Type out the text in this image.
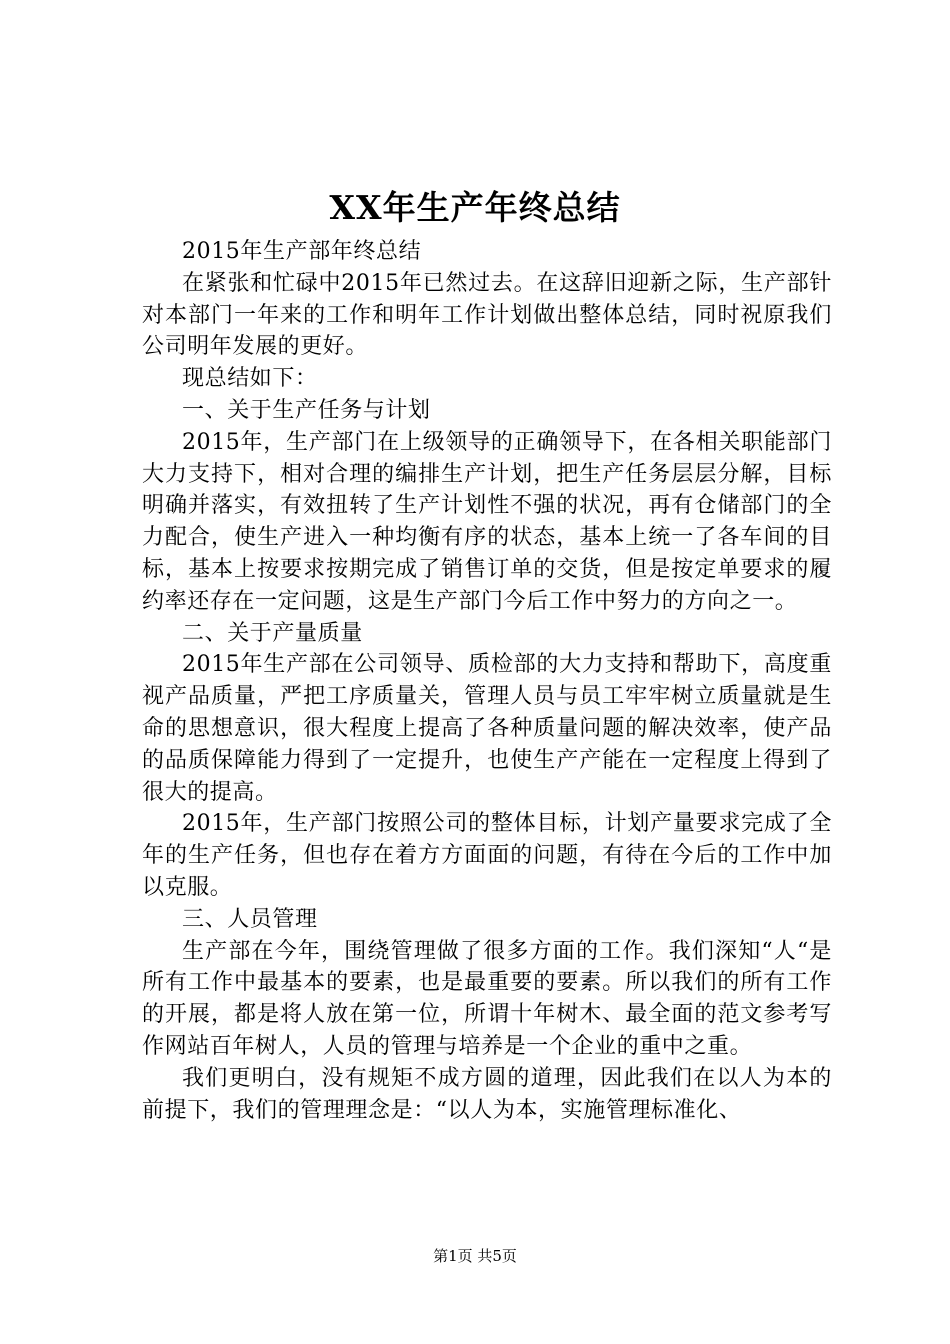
XX年生产年终总结

2015年生产部年终总结

在紧张和忙碌中2015年已然过去。在这辞旧迎新之际，生产部针对本部门一年来的工作和明年工作计划做出整体总结，同时祝原我们公司明年发展的更好。

现总结如下：

一、关于生产任务与计划

2015年，生产部门在上级领导的正确领导下，在各相关职能部门大力支持下，相对合理的编排生产计划，把生产任务层层分解，目标明确并落实，有效扭转了生产计划性不强的状况，再有仓储部门的全力配合，使生产进入一种均衡有序的状态，基本上统一了各车间的目标，基本上按要求按期完成了销售订单的交货，但是按定单要求的履约率还存在一定问题，这是生产部门今后工作中努力的方向之一。

二、关于产量质量

2015年生产部在公司领导、质检部的大力支持和帮助下，高度重视产品质量，严把工序质量关，管理人员与员工牢牢树立质量就是生命的思想意识，很大程度上提高了各种质量问题的解决效率，使产品的品质保障能力得到了一定提升，也使生产产能在一定程度上得到了很大的提高。

2015年，生产部门按照公司的整体目标，计划产量要求完成了全年的生产任务，但也存在着方方面面的问题，有待在今后的工作中加以克服。

三、人员管理

生产部在今年，围绕管理做了很多方面的工作。我们深知“人“是所有工作中最基本的要素，也是最重要的要素。所以我们的所有工作的开展，都是将人放在第一位，所谓十年树木、最全面的范文参考写作网站百年树人，人员的管理与培养是一个企业的重中之重。

我们更明白，没有规矩不成方圆的道理，因此我们在以人为本的前提下，我们的管理理念是：“以人为本，实施管理标准化、

第1页 共5页
